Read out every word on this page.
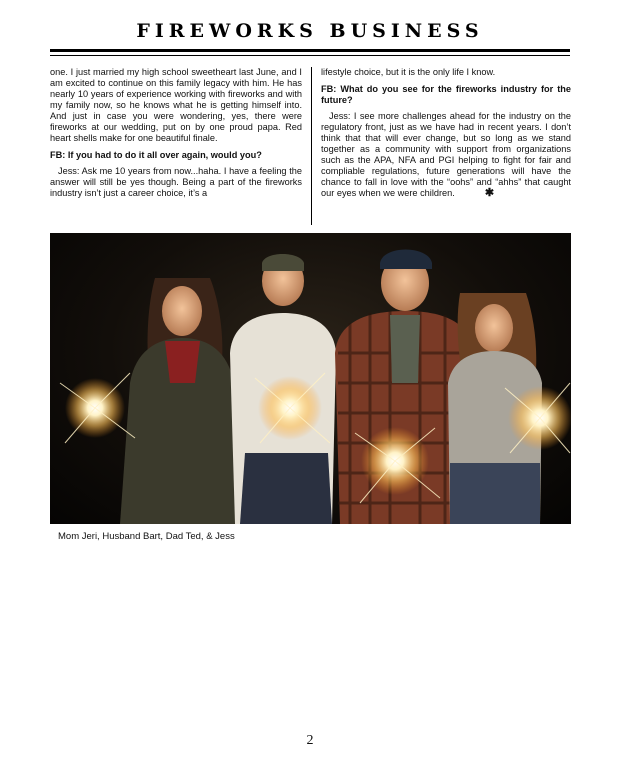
FIREWORKS BUSINESS

one. I just married my high school sweetheart last June, and I am excited to continue on this family legacy with him. He has nearly 10 years of experience working with fireworks and with my family now, so he knows what he is getting himself into. And just in case you were wondering, yes, there were fireworks at our wedding, put on by one proud papa. Red heart shells make for one beautiful finale.

FB: If you had to do it all over again, would you?

Jess: Ask me 10 years from now...haha. I have a feeling the answer will still be yes though. Being a part of the fireworks industry isn’t just a career choice, it’s a

lifestyle choice, but it is the only life I know.

FB: What do you see for the fireworks industry for the future?

Jess: I see more challenges ahead for the industry on the regulatory front, just as we have had in recent years. I don’t think that that will ever change, but so long as we stand together as a community with support from organizations such as the APA, NFA and PGI helping to fight for fair and compliable regulations, future generations will have the chance to fall in love with the “oohs” and “ahhs” that caught our eyes when we were children.	✱

Mom Jeri, Husband Bart, Dad Ted, & Jess
2
